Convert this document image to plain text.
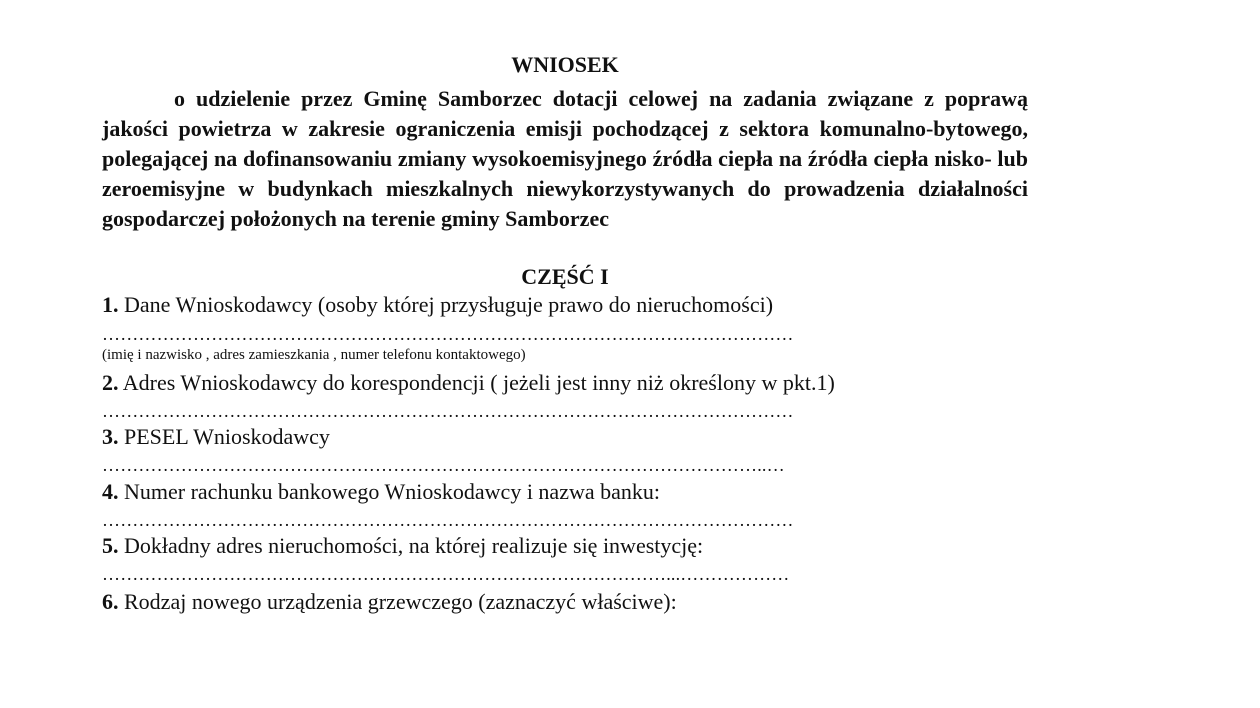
WNIOSEK
o udzielenie przez Gminę Samborzec dotacji celowej na zadania związane z poprawą jakości powietrza w zakresie ograniczenia emisji pochodzącej z sektora komunalno-bytowego, polegającej na dofinansowaniu zmiany wysokoemisyjnego źródła ciepła na źródła ciepła nisko- lub zeroemisyjne w budynkach mieszkalnych niewykorzystywanych do prowadzenia działalności gospodarczej położonych na terenie gminy Samborzec
CZĘŚĆ I
1. Dane Wnioskodawcy (osoby której przysługuje prawo do nieruchomości)
……………………………………………………………………………………………………
(imię i nazwisko , adres zamieszkania , numer telefonu kontaktowego)
2. Adres Wnioskodawcy do korespondencji ( jeżeli jest inny niż określony w pkt.1)
……………………………………………………………………………………………………
3. PESEL Wnioskodawcy
………………………………………………………………………………………………..…
4. Numer rachunku bankowego Wnioskodawcy i nazwa banku:
……………………………………………………………………………………………………
5. Dokładny adres nieruchomości, na której realizuje się inwestycję:
…………………………………………………………………………………...………………
6. Rodzaj nowego urządzenia grzewczego (zaznaczyć właściwe):
